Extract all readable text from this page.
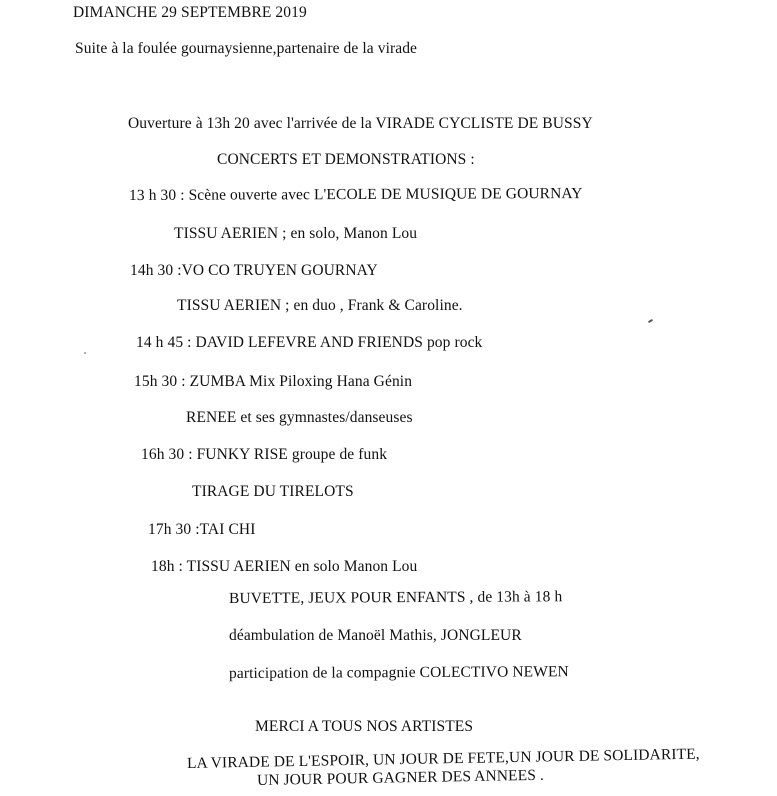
DIMANCHE 29 SEPTEMBRE 2019
Suite à la foulée gournaysienne,partenaire de la virade
Ouverture à 13h 20 avec l'arrivée de la VIRADE CYCLISTE DE BUSSY
CONCERTS ET DEMONSTRATIONS :
13 h 30 : Scène ouverte avec L'ECOLE DE MUSIQUE DE GOURNAY
TISSU AERIEN ; en solo, Manon Lou
14h 30 :VO CO TRUYEN GOURNAY
TISSU AERIEN ; en duo , Frank & Caroline.
14 h 45 : DAVID LEFEVRE AND FRIENDS pop rock
15h 30 : ZUMBA Mix Piloxing Hana Génin
RENEE et ses gymnastes/danseuses
16h 30 : FUNKY RISE groupe de funk
TIRAGE DU TIRELOTS
17h 30 :TAI CHI
18h : TISSU AERIEN en solo Manon Lou
BUVETTE, JEUX POUR ENFANTS , de 13h à 18 h
déambulation de Manoël Mathis, JONGLEUR
participation de la compagnie COLECTIVO NEWEN
MERCI A TOUS NOS ARTISTES
LA VIRADE DE L'ESPOIR, UN JOUR DE FETE,UN JOUR DE SOLIDARITE,
UN JOUR POUR GAGNER DES ANNEES .
